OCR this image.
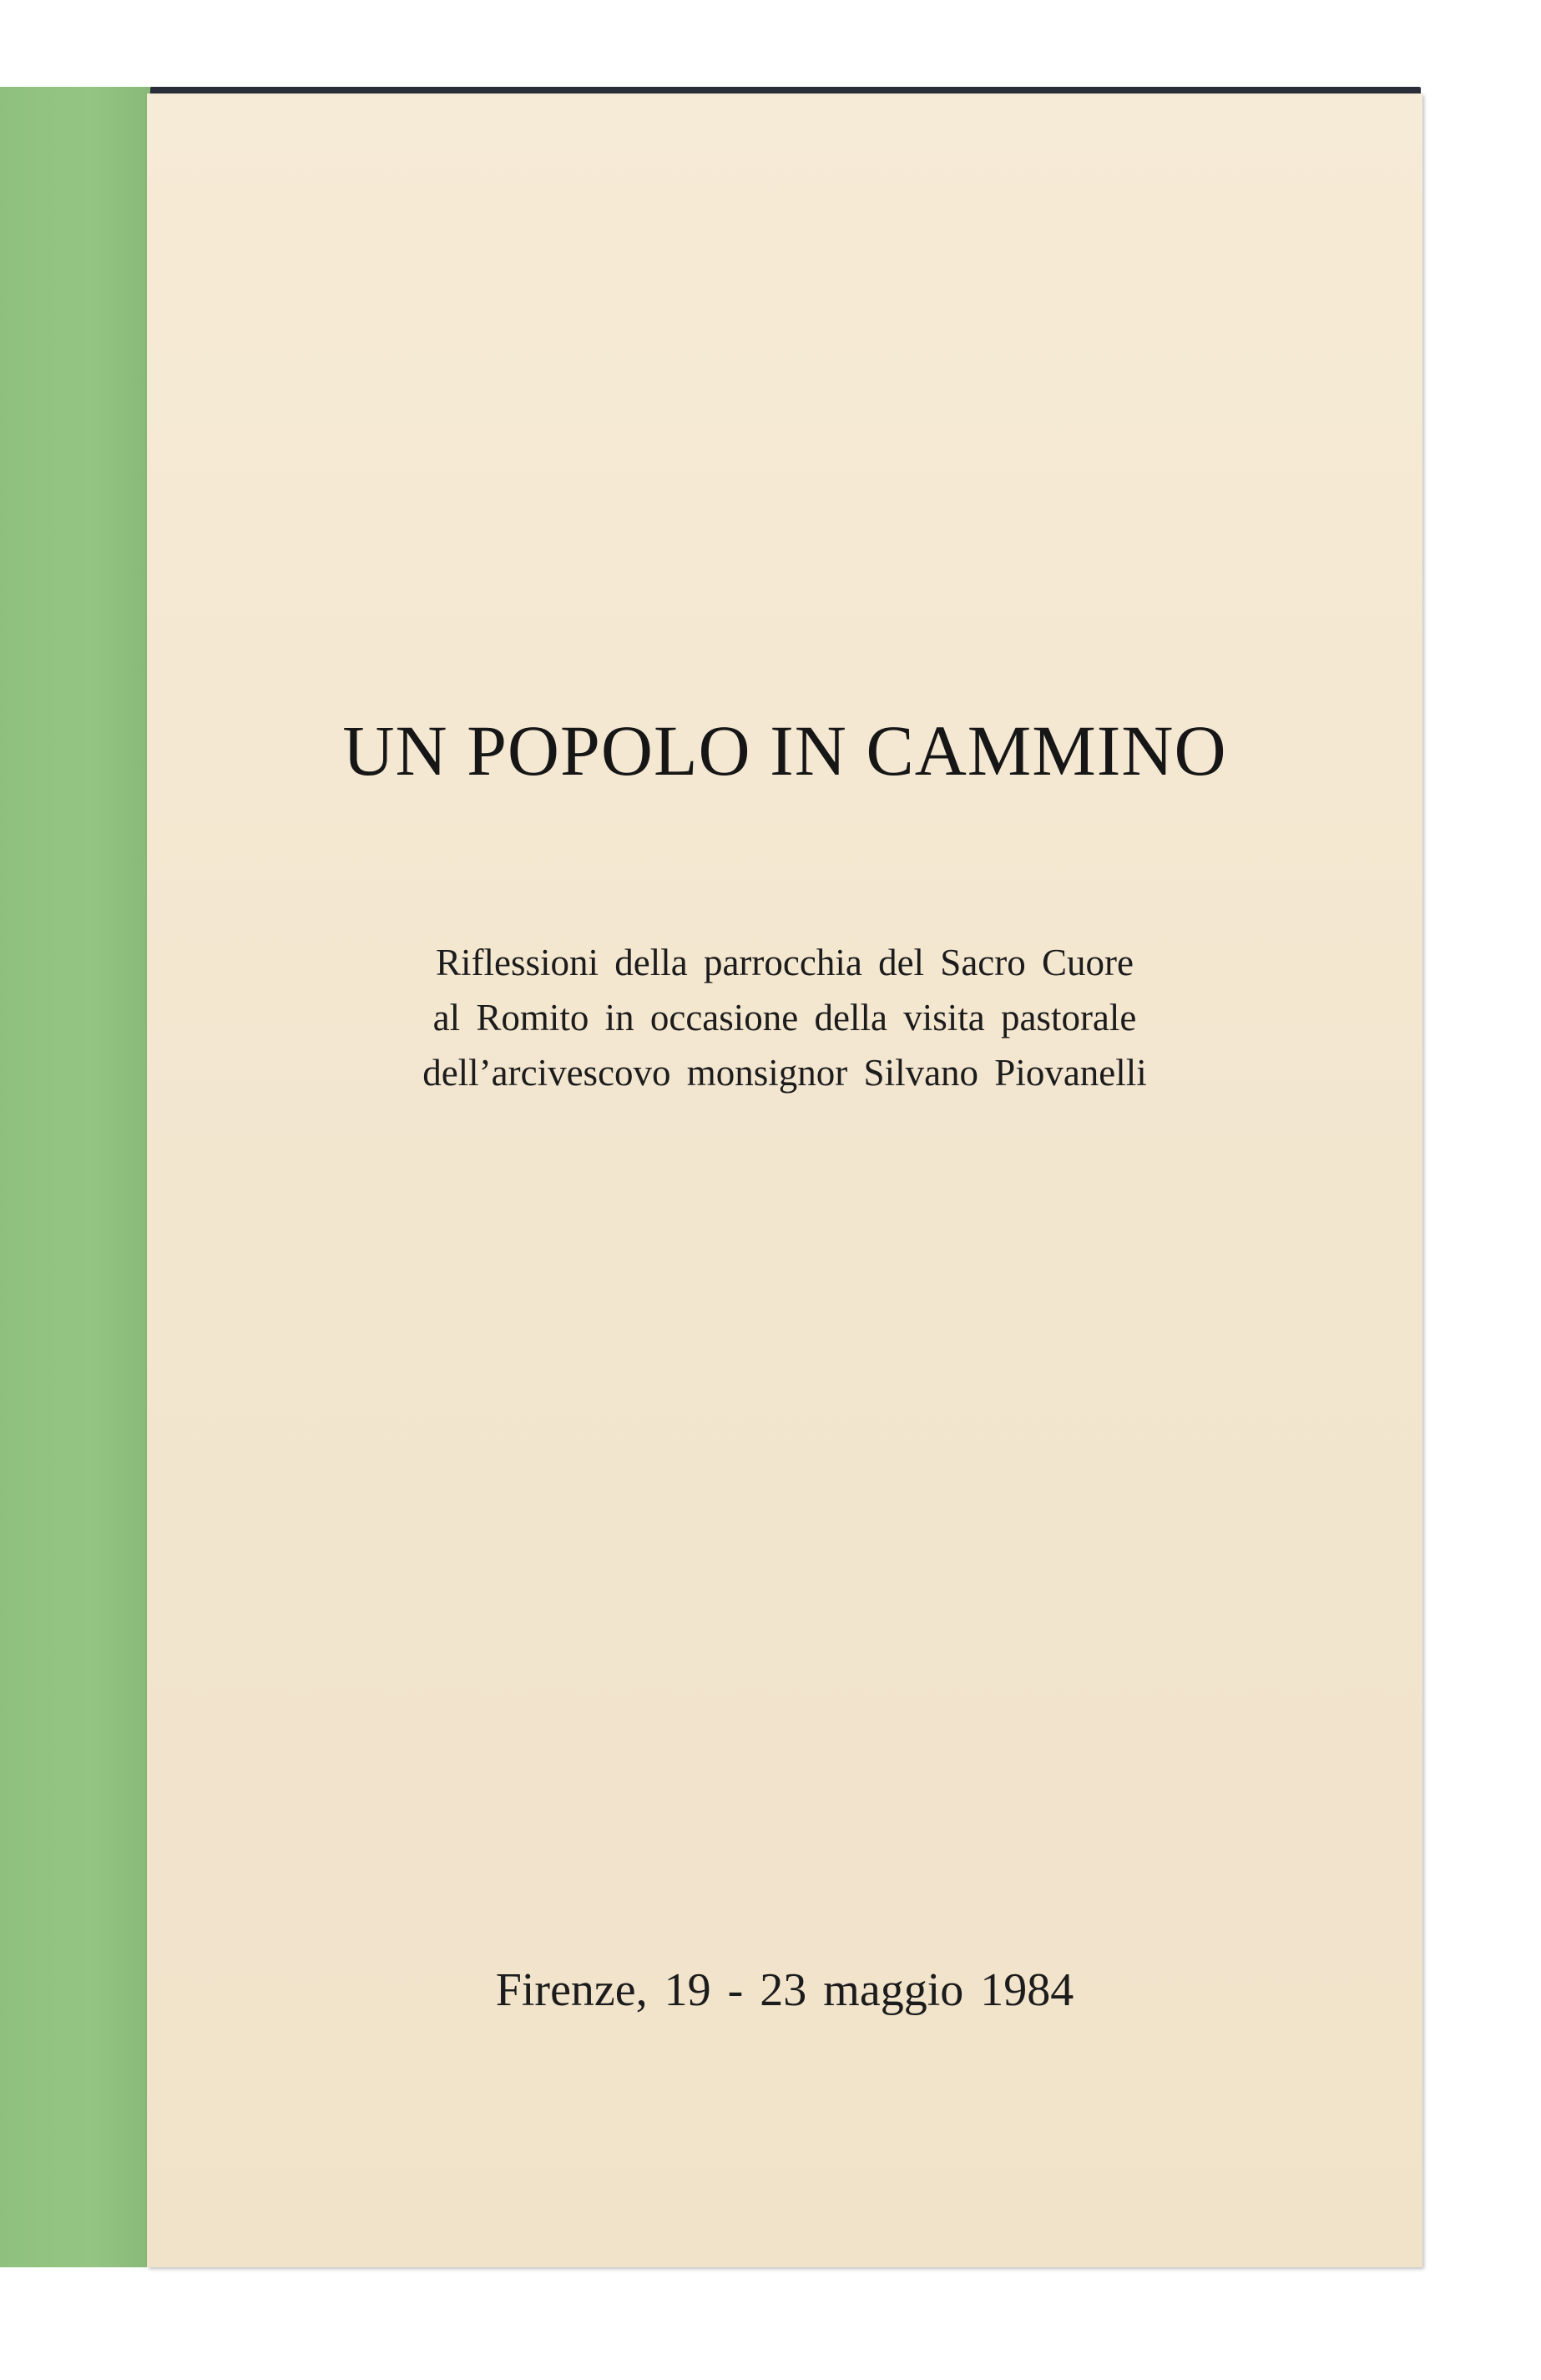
UN POPOLO IN CAMMINO

Riflessioni della parrocchia del Sacro Cuore
al Romito in occasione della visita pastorale
dell’arcivescovo monsignor Silvano Piovanelli

Firenze, 19 - 23 maggio 1984
